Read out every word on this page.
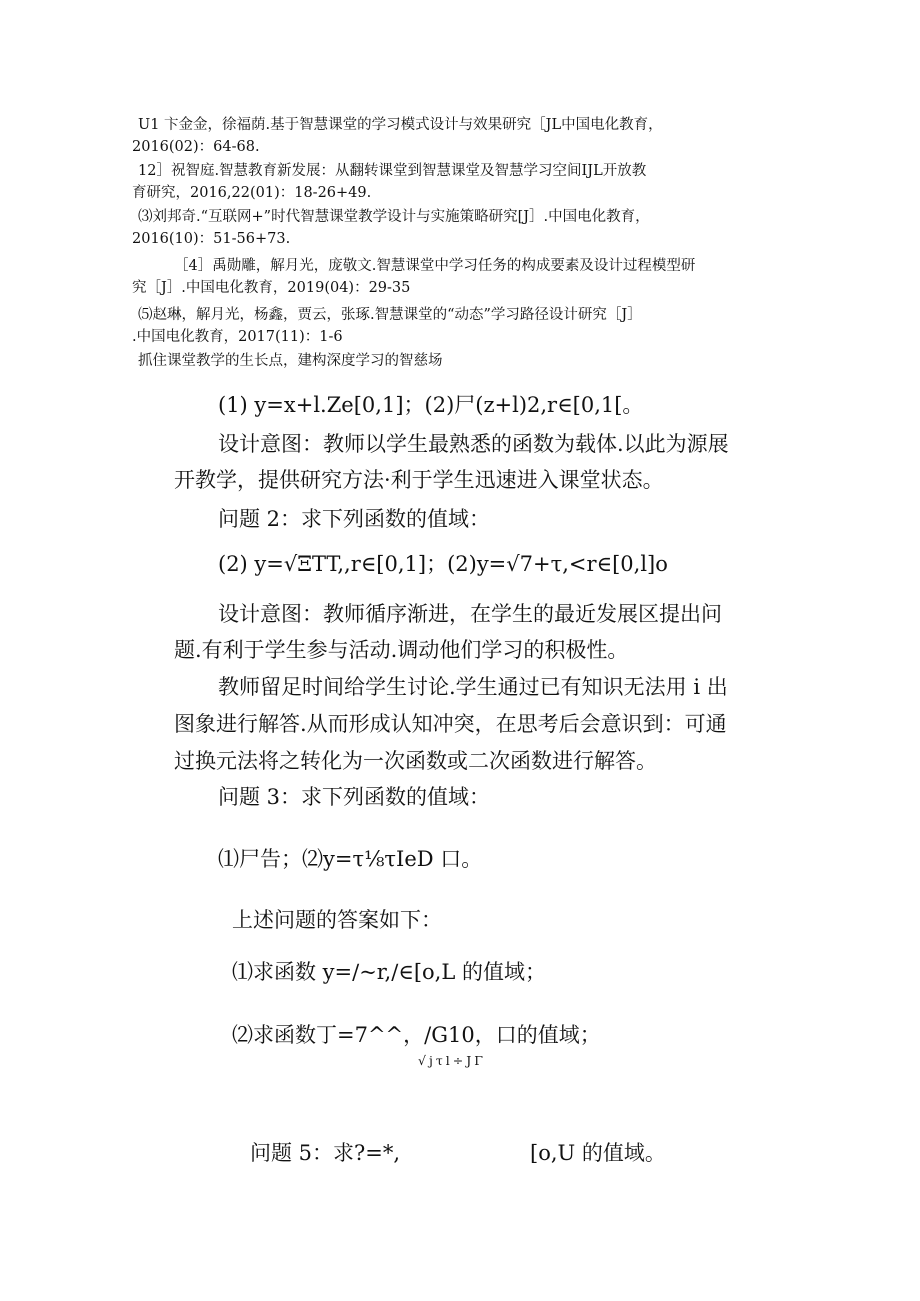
U1 卞金金，徐福荫.基于智慧课堂的学习模式设计与效果研究［JL中国电化教育，
2016(02)：64-68.
12］祝智庭.智慧教育新发展：从翻转课堂到智慧课堂及智慧学习空间IJL开放教
育研究，2016,22(01)：18-26+49.
⑶刘邦奇.“互联网+”时代智慧课堂教学设计与实施策略研究[J］.中国电化教育，
2016(10)：51-56+73.
［4］禹勋雕，解月光，庞敬文.智慧课堂中学习任务的构成要素及设计过程模型研
究［J］.中国电化教育，2019(04)：29-35
⑸赵琳，解月光，杨鑫，贾云，张琢.智慧课堂的“动态”学习路径设计研究［J］
.中国电化教育，2017(11)：1-6
抓住课堂教学的生长点，建构深度学习的智慈场
(1) y=x+l.Ze[0,1]；(2)尸(z+l)2,r∈[0,1[。
设计意图：教师以学生最熟悉的函数为载体.以此为源展
开教学，提供研究方法·利于学生迅速进入课堂状态。
问题 2：求下列函数的值域：
(2) y=√ΞTT,,r∈[0,1]；(2)y=√7+τ,<r∈[0,l]o
设计意图：教师循序渐进，在学生的最近发展区提出问
题.有利于学生参与活动.调动他们学习的积极性。
教师留足时间给学生讨论.学生通过已有知识无法用 i 出
图象进行解答.从而形成认知冲突，在思考后会意识到：可通
过换元法将之转化为一次函数或二次函数进行解答。
问题 3：求下列函数的值域：
⑴尸告；⑵y=τ⅛τIeD 口。
上述问题的答案如下：
⑴求函数 y=∕~r,∕∈[o,L 的值域；
⑵求函数丁=7^^，/G10，口的值域；
√jτl÷JΓ
问题 5：求?=*,	[o,U 的值域。
